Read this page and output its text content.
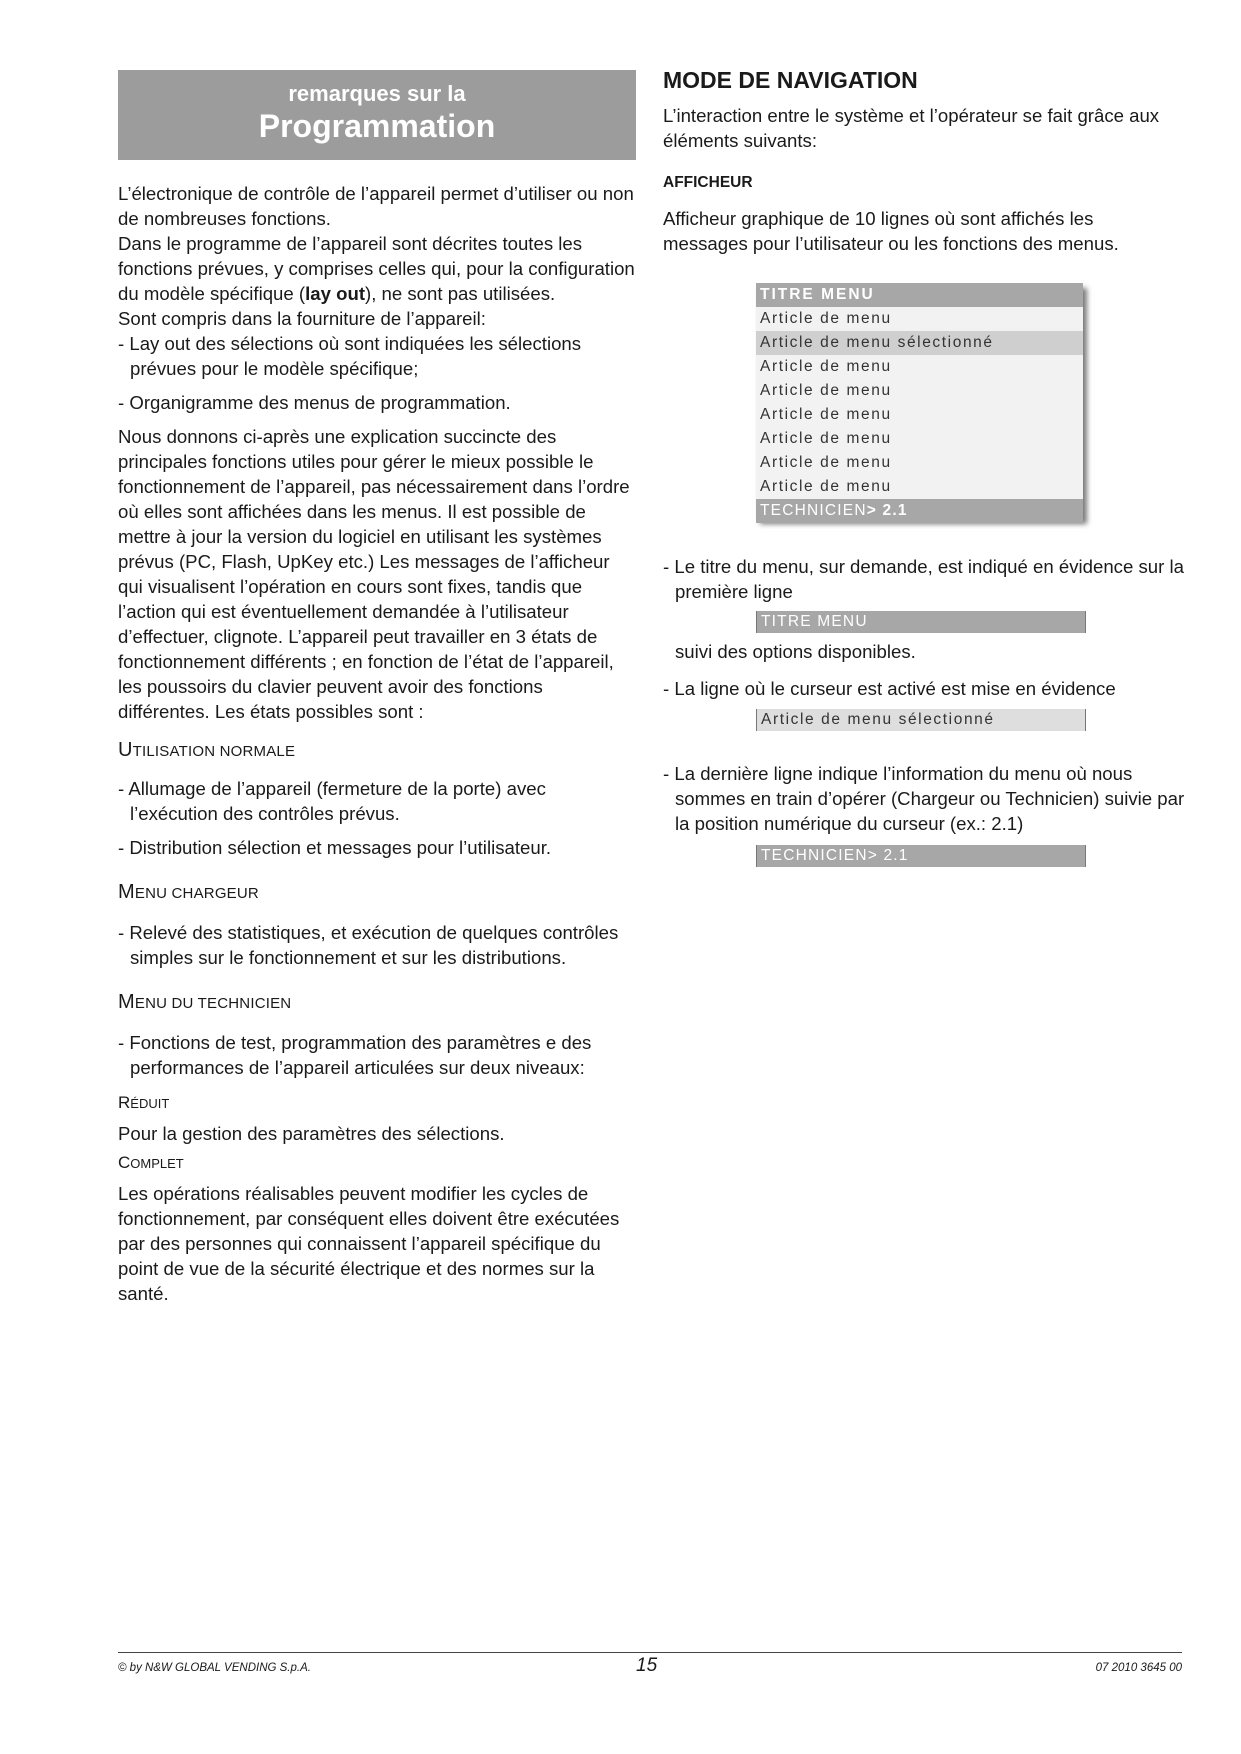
remarques sur la
Programmation

L’électronique de contrôle de l’appareil permet d’utiliser ou non de nombreuses fonctions.

Dans le programme de l’appareil sont décrites toutes les fonctions prévues, y comprises celles qui, pour la configuration du modèle spécifique (lay out), ne sont pas utilisées.

Sont compris dans la fourniture de l’appareil:

- Lay out des sélections où sont indiquées les sélections prévues pour le modèle spécifique;

- Organigramme des menus de programmation.

Nous donnons ci-après une explication succincte des principales fonctions utiles pour gérer le mieux possible le fonctionnement de l’appareil, pas nécessairement dans l’ordre où elles sont affichées dans les menus. Il est possible de mettre à jour la version du logiciel en utilisant les systèmes prévus (PC, Flash, UpKey etc.) Les messages de l’afficheur qui visualisent l’opération en cours sont fixes, tandis que l’action qui est éventuellement demandée à l’utilisateur d’effectuer, clignote. L’appareil peut travailler en 3 états de fonctionnement différents ; en fonction de l’état de l’appareil, les poussoirs du clavier peuvent avoir des fonctions différentes. Les états possibles sont :

UTILISATION NORMALE

- Allumage de l’appareil (fermeture de la porte) avec l’exécution des contrôles prévus.

- Distribution sélection et messages pour l’utilisateur.

MENU CHARGEUR

- Relevé des statistiques, et exécution de quelques contrôles simples sur le fonctionnement et sur les distributions.

MENU DU TECHNICIEN

- Fonctions de test, programmation des paramètres e des performances de l’appareil articulées sur deux niveaux:

RÉDUIT

Pour la gestion des paramètres des sélections.

COMPLET

Les opérations réalisables peuvent modifier les cycles de fonctionnement, par conséquent elles doivent être exécutées par des personnes qui connaissent l’appareil spécifique du point de vue de la sécurité électrique et des normes sur la santé.

MODE DE NAVIGATION

L’interaction entre le système et l’opérateur se fait grâce aux éléments suivants:

AFFICHEUR

Afficheur graphique de 10 lignes où sont affichés les messages pour l’utilisateur ou les fonctions des menus.

TITRE MENU
Article de menu
Article de menu sélectionné
Article de menu
Article de menu
Article de menu
Article de menu
Article de menu
Article de menu
TECHNICIEN> 2.1

- Le titre du menu, sur demande, est indiqué en évidence sur la première ligne

TITRE MENU

suivi des options disponibles.

- La ligne où le curseur est activé est mise en évidence

Article de menu sélectionné

- La dernière ligne indique l’information du menu où nous sommes en train d’opérer (Chargeur ou Technicien) suivie par la position numérique du curseur (ex.: 2.1)

TECHNICIEN> 2.1
© by N&W GLOBAL VENDING S.p.A.	15	07 2010 3645 00
